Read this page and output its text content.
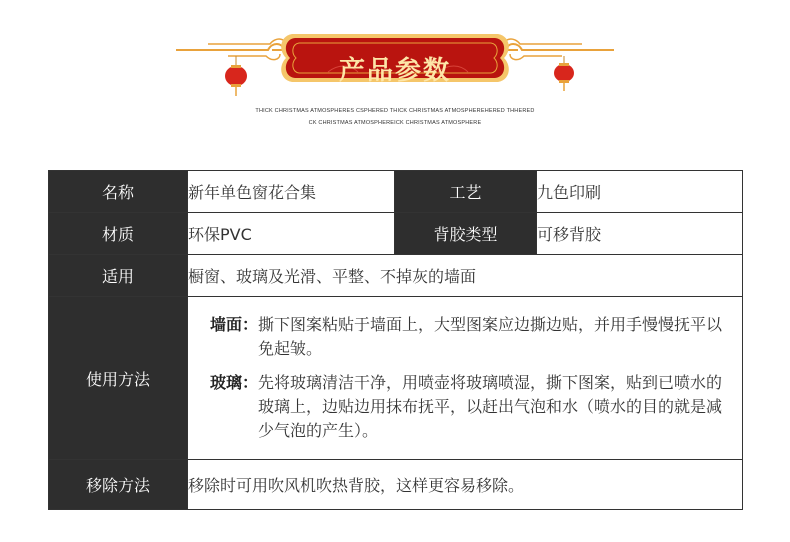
产品参数
THICK CHRISTMAS ATMOSPHERES CSPHERED THICK CHRISTMAS ATMOSPHEREHERED THHERED
CK CHRISTMAS ATMOSPHEREICK CHRISTMAS ATMOSPHERE
名称	新年单色窗花合集	工艺	九色印刷
材质	环保PVC	背胶类型	可移背胶
适用	橱窗、玻璃及光滑、平整、不掉灰的墙面		
使用方法	墙面： 撕下图案粘贴于墙面上，大型图案应边撕边贴，并用手慢慢抚平以免起皱。
玻璃： 先将玻璃清洁干净，用喷壶将玻璃喷湿，撕下图案，贴到已喷水的玻璃上，边贴边用抹布抚平，以赶出气泡和水（喷水的目的就是减少气泡的产生）。		

移除方法	移除时可用吹风机吹热背胶，这样更容易移除。		
